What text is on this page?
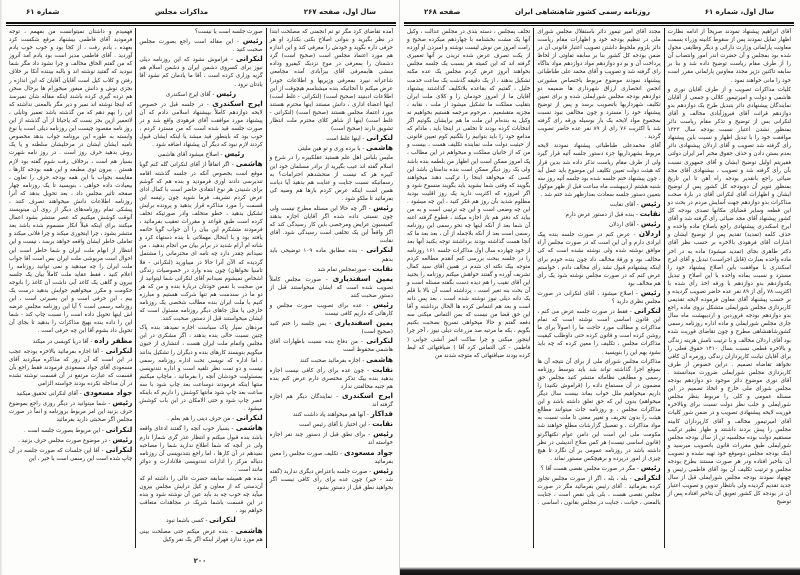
سال اول، صفحه ۲۶۷
مذاکرات مجلس
شماره ۶۱

آمده تقاضای کرد مگر تو تم انجمنی که مصلحت ابتدا در نظر بگیرید و بنوانی اصلاح بکنی بکذارد او هر حرفی داره بگوید و خودش را معرفی کند و این اندازه هم مورد اعتماد مجلس است (صحیح است) گرد دشمنان را بمعرفی در موج نزدیک کیفیرو وداده منشی هابمعرفی آقای بیزآبادی آمده مجامعی شاعرانه نبیرد بمعرفی وزیریها و اطلاعات خودرا عرض میکنم تا آنجائیکه بنده میشناسم هیچوقت از این اطلاعات ادبنیند (صحیح است) (لنکرانی - غلط است) اینها اعضاء اداری ، دانش مستند اینها محترم هستند مورد اعتماد مجلس هستند (صحیح است) (لنکرانی - غلط است) اینها از شاهر کلای محترم ملت انتظار تشویق دارند (صحیح است)

لنکرانی - اینها غلط است

هاشمی - با برده وری و تو هین ملیتی

ملیس بلباس اهل علم هستید عقلکبیره را در شرع و اسلام گفته اند عیب بگیرید از برادر مسلمان خود این کبیره هر که نیست از منحشدهم احترامات؟ به رسماتیکه نسبت جنایت و عنایت هم بدهید آیا دیانت همین است اینکه عرض کردم بارها هم وصیه کی بفرمائید تا ملکو شود .

رئیس - اگر چه حالا این مسئله مطرح نیست ولی چون نسبتی داده شده اگر آقایان اجازه بدهند کمیسیون عرایض ومرخصی باین کار رسیدگی کند که اگر واقعاً این یک تخلفی است رسیدگی شود. آقای نقابت

لنکرانی - بنده مطابق ماده ۱۰۹ توضیحی باید بدهم

نقابت - صورتمجلس تمام شد

یمین اسفندیاری - صورت مجلس کاملاً تصویب شده است که ایشان میخواستند قبل از دستور صحبت کنند

رئیس - عده برای تصویب صورت مجلس و کارهائی که داریم کافی نیست

یمین اسفندیاری - بس جلسه را ختم کنید (صحیح است)

لنکرانی - من دفاع بنده نسبت باظهارات آقای هاشمی محفوظ است

هاشمی - اجازه بفرمائید صحبت کنند

نقابت - چون عده برای رأی کافی نیست اجازه بدهید بنده بیک تذکر مختصری دارم عرض کنم بنده هم جنبه مخالفتی ندارد

ایرج اسکندری - نمایندگان دیگر هم اجازه گرفته اند

فداکار - آنها هم میخواهند یاد داشت کنند

نقابت - این اختیار با آقای رئیس است

رئیس - برای نطق قبل از دستور چند نفر اجازه خواسته اند

جواد مسعودی - تکلیف صورت مجلس را معین بفرمائید

رئیس - صورت جلسه باعتراض دیگری ندارید (گفته شد - خیر) چون عده برای رأی کافی نیست اگر بخواهید نطق قبل از دستور بشود

صورت جلسه است یا نیست؟

رئیس - این مقاله است راجع بصورت مجلس صحبت کنید .

لنکرانی - فراموش نشود که این روزنامه دیلی نیوز برای کسروی دشمن ایران و دشمن اسلام هم گریه وزاری کرده است ، آقا ما یادمان کم نشود آقا یادتان نرود .

رئیس - آقای ایرج اسکندری

ایرج اسکندری - در جلسه قبل در خصوص لایحه دوازدهم کاملاً بپیشنهاد اسلامی دادم که آن پیشنهاد مورد موافقت آقای فرهودی واقع شد و در صورت جلسه قید شده است که من مسترد کردم ، خوب بود که باینطور قید میشد یا اینکه ایشان قبول کردند لازم نبود که دیگر آن پیشنهاد اضافه شود .

رئیس - اصلاح میشود آقای هاشمی

هاشمی - اگر اتفاقاً از آقای لنکرانی گله کنم گویا موقع است بخصوص آنکه در جلسه گذشته اقامه تندیرسی دادند اوری فرمودید و بنده هم که گوشم برای شنیدن هر نوع انتقادی حاضر است با کمال ادای عرض کردم تشریف فرما شوید چون رئیسه این قسمت را مورد مذاکره قرار بدهید و پرونده برایش تشکیل بدهید ، خطو متخلف وادر صورتیکه تخلف کرده است طبق قواعد و مقررات تعقیب بفرمائید ، فرمودند متشکرم این بیان را آن جواب گویا خاتمه یافته بود و با اینحال مهملاتی با بنده دستهاء کرد و شانه ام آرام شدید در برابر بیان من انجام بدهید ، من نمیدانم چقدر دارد چه نامه ای محترمانی را مشتمل گردیده که الآن آنرا حالا در مییاورید (لنکرانی - فلا تاسیا نخواهان) چون بنده وارد در خصوصیات زندگی اشخاص نمیشوم نمیدانم آقای لنکرانی شما لیتوانید از من صحبت با نفس خودتان دربارهٔ بنده و من که هر دو ما در سندست هم تنها شرکت هستیم و مبارزه کنیم با ملت ایران بنده مطالب شخصی یک روزنامه خارجی یا مثل جاهای دیگر روزنامه مسئول است که ایشان میخواستند قبل از دستور صحبت کنند.

مردهان سپار پاک سیاست اجازه نمیدهد بنده پاک چنین نسبت حالی بنده بدهند ، اگر مشکری در این مجلس واتمام ملت ایران هست ، انتشاری از حیون میگویم بنویسند کارهای بنده و دیگران را تشکیل بدانند ، اما اداره که نویسی تحت اداره روزنامه رسمی نیست و دو تمت نظر تلقیه است و اداره تندنویسی بمسئولیت خودشان آنچه را بفرمائید ، ماچاپ میکنیم منتها اینکه فرمودند دوساعت بعد چاپ شود با سه ساعت بعد چاپ شود مانتها کوشش را داریم که باینکه عصر چاپ شود و حتی الامکان در این باب کوشش میشود .

لنکرانی - من حرف دینی را هم بعلم .

هاشمی - بسیار خوب آنچه را گفتند ادعای واقعه باشد بنده قبول میکنم و انتظار عذر گری شمارا دارم ولی در آنچه که شما اطلاع ندارید شما را مصاحبه نمیدهم در آن کارها ، اما راجع بتندنویسی آن روزنامه دنباله مرکز را ادارات تندنویسی فلانادارت و دوائر مانند است .

بنده هم همیشه سابقه حضرت عالی را داشته ام که آن‌دستی که از معاون و کیل درایش مجلس بیرون میآید چه خوب چه بد باید عین آن نوشته شود و بنده در این قسمت باشما شریک در مجاهدات متعاقب خواهم بود .

لنکرانی - کسی باشما نبود

هاشمی - بنده عرض میکنم حتی مصلحت بینی هم مورد ندارد فهرلز اینکه اگر یک نفر وکیل

فهمیدم و داشتان نمیتوانست من بفهمم ، توجه فرمودید آقای فاطمی بیشنهاد مرقع شکست کرد بعهده ، یادم رفت ، از کجا بود و خوب خوب یادم آوردید . آقای فاطمی مدیر است بود یادم آمد آنروز که من گفتم الحاق مخالف و چرا نشود داد مگر شما نبودید که گفتید نوشته اند و بالبه بیننده آنکا بر خلاف رفتن و کلاب کیل است آقایان آقایان که این اندازه ر بجزی نوش و دانش میفور میخورام ها برحال سخن هم ترده گیری کرده باشند اینکه مقاله شان نمیرسد که اینجا نوشته اند نمیر و دیر مگر بالمعنی نداشته که این را بهم دهم که من گذشته باشد تعمیر وتابلی ، لاتعمیر ازین بجز بست که یاحیاتا از آن گذشته از این روز نامه مقصود چیست این روزنامه دیلی است یا نوع وابسته به طوره این برونامه جواب بدهد مخصوص نامیه ایشان ایشان در مرحلیشان سلطنه و یا یک روش بدهید حرف روز است . در روز نامه شهرت بسیار هم است ، برخلاف رفت شوم گفته بود لازم هستن . ببرون توی مطبعه و این همه بودجه کارها ، مقایسه بجواب با این همه بودجه حرف را تعاون ، بیعیادت داده خواهی ، بنویسید تا یک روزنامه چهار صفحه تاثیر مجلس داد ، بعد تحویل بدهد که آنرا روزنامه اطلاعات دانش میخواهند تصرف کنند ، پیشکی تمام روزنامه‌های دیگر از روی آن مینویسند آنوقت کوشش میکنیم که عصر منتشر بشود اعمال میکنند برای اینکه قبلاً انکار مسموم شده باشد بعد منتشر بشود ، چرا اینجوری میکند و چرا فلانی میکند و تعاملی خاطر ایشان واقعه خواهد برسد ، نیست و این انتظار از ابهام ملت ایران و شما خاطر است این احوال است مریوشی ملت ایران بس است آقا جواب ملت ایران را چه میدهید و نمی توانید روزنامه را اعلام کنید ، فقط عقاید ملت کاملاً بیان یک جلسه بیرون و گاهی یک کاغذ آبی داشت آن کاغذ را بانوجه حکومت و مکرر میخواهیم جوابش بدهید درست یک بیم ، این حرفی است و این بصیرتی است ، این روزنامه رسمی است ؟ آیا این روزنامه مجلس عرضه اش اینها تحویل داده است را نسبت چاپ کند - شما این را داده بنده بهیچ مذاکرات را بدهید تا بجای آن تحویل داد بشوم آقا این چه حرفی است .

مظفر زاده - آقا دریا کوبسی در میکند

لنکرانی - آقا اجازه بفرمائید بالاخره بودجه عجب در این است که آن روز که مذاکره میکردید آقای مسعودی آقای جواد مسعودی فرمودند فقط راجع بآن قسمت که عبارت مرتفع در آن قسمت نوشته نشده در آن مداخله نکرده بودند خواسته الزامی

جواد مسعودی - آقای لنکرانی تحقیق میکنید

رئیس - شما میتوانید در دیگر روزی راجع بموضوع حرف بزنید این امر مربوط بروزنامه و انماً در صورت مجلس اگر صحبتی دارید بفرمائید

لنکرانی - این مربوط بصورت جلسه است .

رئیس - در موضوع صورت مجلس حرف بزنید .

لنکرانی - آقا این جلسات که صورت جلسه در آن چاپ شده است این رسمی است یا خیر ، این

۲۰۰
سال اول، شماره ۶۱
روزنامه رسمی کشور شاهنشاهی ایران
صفحه ۲۶۸

آقای ابراهیم پیشنهاد نمودند صریحاً از ادامه نظارت اظهار تمایل نمودند پس از سقوط کابینه وزراء بسمت معاونت پارلمانی وزارت دارائی و دیگر وظایفی محول شده بود بمجلس و آن حضرت اندر امور وانتصاب آن را از طرف مقام ریاست توضیح داده شد و بنا بر سابقه تاکنین دژیر مجدد معاونین پارلمانی مقرر است خود را مانی خواهند نمود .

کلیات مذاکرات تصویب و از طرف آقایان نوری و هاشمی و دولت و امیرتیمور کلالی و جمعی از آقایان نمایندگان پیشنهادی دائر بتبدیل طرح یک دوازدهم بدو دوازدهم قرائت آقای فیروزآبادی مخالف و آقای لنکرانی بس از توضیح و تذکر مقام ریاست دائر بمنظور نشدن اعتبار نسبت بودجه سال ۱۳۲۳ موافقت خود را با تبدیل اظهار و نسبت باین پیشنهاد رأی گرفته شد تصویب و آقای اردلان پیشنهادی دائر بعدم بستن دادن و حذف حقوق مخبر آمر ایران دولتی فقیریتم اولیل توضیح ایشان و آقای جمهوری نسبت بآن رأی گرفته شد و تصویب ، بیشنهادی آقای مجد ضیائی راجع بانقدیر بودجه راه آهن تا این تاریخ بمنظور تنویر آن دوبودجه کل کشور پس از توضیح ایشان و اظهارات آقای لنکرانی آقای در بارهٔ صحت مذاکرات بدو دوازدهم جهت آسایش مردم در بحث دو این قطعه وسایر قضایای مکانها تصدی بودجه کل کشور پیشنهاد آقای مجد ضیائی رأی گرفته شد و آقای ایرج اسکندری پیشنهادی راجع باصلاح ماده واحده و حذف کلمه (تمدید) تقدیم پس از توضیح ایشان و اشارات آقای فرهودی بالاخره بر حسب نظر آقای دکتر طاهری بجای (تمدید میشود) ماده به در اخر ماده واحده بعبارت (قابل اجراست) تبدیل و آقای ایرج اسکندری با موافقت باین اصلاح پیشنهاد خود را مسترد و نسبت بماده واحده با این اصلاح و تبدیل یکدوازدهم بدو دوازدهم با ورقه اخذ رأی شده با اکثریت ۷۸ رأی از ۸۹ نفر عده حاضر تصویب گردیده و بر حسب پیشنهاد آقای معاون فرموده لایحه تقدیمی کاربردازی مجلس شورایملی متشکل بروی ماده راجع بدو دوازدهم بودجه فروردین و اردیبهشت ماه سال جاری مجلس شورایملی و ماده اداره روزنامه رسمی کشورشاهنشاهی مطرح و چون تقاضای فوریت شده بود آقای اردلان مخالف و با ترتیب نامش هزینه زندگی و بالاخره قطعی نسبت بسال ۱۴۱۰ حقوق فعلی را برای آقایان نیابت کارپردازان زندگی روزمره آن کافی نخواهد تقاضاه تصمیم . دراین خصوص از طرف کاربردازی مجلس شورایملی ضرورت میدانستند . آقای نوری موضوع دائر موجود دو دوازدهم بودجه مجلس شورای ملی خارج و اتخاذ تصمیم در این مسئله عمومی و کلی را مربوط بنظر مجلس شورایملی و جلب نظر دولت نسبت برای وبالاخره فوریت لایحه پیشنهادی تصویب و در ضمن شور کلیات آقای امیرتیمور مخالف و آقای کارپردازان کابینه مجلس را پیش بردند داشتند و ظهار نظیر ترکیب مستقیم دولت بوده مجلسیه تن از سال بودجه مجلس شورایملی طبق مقررات قانون باتصویب میرسید و اینک بودجه مجلس دوموقع خود تهیه نشده و تصویب آن بتاخیر افتاده ودر هر صورت مستند بطرح بودجه مجلس و ترتیب تکلیف آن بود آقای فاطمی رئیس و چهنهاد نمودند بودجه مجلس شورایملی قبل از سال جدید تقدیم گردیده ولی بانتظار تدوین و تصویب اعتبار آن در بودجه کل کشور تعویق آن بتاخیر افتاده پس از توضیح

مجدد آقای امیر تیمور دائر باستقلال مجلس شورای ملی در تنظیم بودجه خود و اظهارات مقام ریاست دائر بلزوم ملحوظ داشتن تصویب اعتبار قانونی آن در ضمن بودجه کل کشور بنا بر سابقه تفاوتی از لحاظ پرداخت آن و بو دو دوازدهم مواد دوازدهم مواد بتاگاه رای گرفته شد و تصویب و آقای محمد علی طباطبائی پیشنهاد نمودند موضوع مربوط باختصاص مشورتی انجمن انحصاری ارزاق شهرداری ها ضمیمه دو دوازدهم بودجه مجلس شورایملی شده و برای تعیین تکلیف شهرداریها باتصویب برسد و پس از توضیح پیشنهاد خود را مسترد و چون مخالفی نبود نسبت بمجموع مواد لایحه یک بار بوسیله ورقه رای گرفته شد با اکثریت ۷۶ رای از ۸۹ نفر عده حاضر تصویب گردید .

آقای محمدعلی طباطبائی پیشنهاد نمودند لایحه مربوط بشهرداریها جزء دستور جلسه آتیه قرار گیرد ولی از طرف مقام ریاست تذکر داده شد بدین قرار که هیئت دولت تعیین تکلیف این موضوع باید عمل آید ، چون پیشنهاد ختم جلسه شده بود جلسه آتیه روز سه شنبه هشتم اردیبهشت ماه ساعت قبل از ظهر موکول بتعیین دستور جلسه سعادت بعدازظهر شد ختم شد .

رئیس - آقای نقابت

نقابت - بنده قبل از دستور عرض دارم

رئیس - آقای اردلان

اردلان - عرض کنم در صورت جلسه بنده پیک ایرادی دارم و آن این است که در صورت مجلس آراء موافق نوشته شده ولی نوشته نشده است که کی مخالف بود و ورقهٔ مخالف داد چون بنده خودم برای اینکه پیشنهادم قبول نشد رأی مخالف دادم ، خواستم عرض کنم که در صورت مجلس نوشته شود یک رأی هم مخالف بود

رئیس - اصلاح میشود ، آقای لنکرانی در صورت مجلس نظری دارید ؟

لنکرانی - فقط در صورت جلسه عرض می کنم ، این قانون اساسی است نوشته است که تمام مذاکرات و مطالب مورد حاجت ما را اصولاً برای ما روشن کرده است و قانون کرده حتی داوطلب کیفیت مذاکرات مجلس ، تکلیف را معین کرده که چه باید بشود بهم این را بنویسید .

مذاکرات مجلس شورای ملی از برای آن نتیجه آن ها بموقع اجرا گذاشته تواند شد باید بتوسط روزنامه رسمی و مطابقی نظاماته منتشر کنید مجلس حق مضمون در آن مستماع داده را (قراموش نکنید) را داریم میخواهیم ملل خواب بماند بیست سال دیگر میخواهم) بدون این که حق تعلق داشته باشد و این مذاکرات مجلس ، و روزنامه جات میتوانند مطالع هیئت را بدون تحریف و تغییر معنی تا ملت نسبت به مواد مذاکرات ، و تفصیل گزارشات مطلع خواهند شد مکومت ملی این است این دامن عوام نکتهاگرتو (قانون اساسی نیست) هر کس صلاح اندیشی در نظر داشته باشد در روزنامه عمومی بر آن نگارد تا هیچ چیزی از امور درپرده و برهیچکس مستور نماند .

رئیس - مگر در صورت مجلس نقصی هست آقا ؟

لنکرانی - بله ، بله ، اگر از صورت مجلس تجاوز کرده بفرمائید . آقای رئیس بفرمائید مگر در صورت مجلس نقصی هست ، بلی بلی نقص است ، جنایت بالمعنی ، خیانت ، جنایت در مجلس بقانون ، اساسی .

تخلف بمجلس ، دسته بندی در مجلس عدالت ، وکیل آنها یک مشت بخشنامه با چهاردهم میکرده صحیح و رامت امروز من نوش لیست نوشته و امبردن او آورده از یکت تصرف عرض شده تریدن بر آنها تعمیری گرفته اند که این کمیته هر بسبب یک جلسه مجلس بخواهند آنروز عرض کردم مجلس یک عده مکنه تشکیل بدهند ، از یک دقیقه گذشت یک ساعت خدمت خلیل ، گفتیم که بقاعده بلاتکلیف گذاشتند پیشنهاد آقایان ما از امروز خودمان را و کلای ملت ایران بتقلیب مملکت ما تشکیل میشود از ملت ، نقابه ، مجزیه متقشعیم ، مرحوم مرجمه هستیم بخواهیم نه وکیل یه بنده‌ام این ملت ما هم برایشان بگوئیم اگر انتخابات کرده بودند تا تخلفی در اینجا باید ، مادام که مدامع خود را باید بتوانیم را بلگنیم کوم تعیین قانونی از حیثیت دولت ملت نماینده تکلیف هست ، بیست و من که از خانیان مملکت و میخواهم در این مطالب ، یک امروز ممکن است این اظهار من بلطمه بنده باشد ولی یک روز دیگر ممکن است بنده بداستان باشد این کسی که میخواهد اینجا را ترکیب دهند میخواهند بگویند که وقتی شما بشوید باید بگویند منسوخ شود و اگر امروزه که اکثریت دارید یک روز اقلیت بودید مظلوم شدید بآن روز هم فکر کنید ، این چه میشود . این چه وضعی است و این چه ترتیبی است و به من بیاید که دفتر هم باز اجازه میکند ، قطوع گرفته اعنه آن شما بعد از آنکه اینها چه نحو رسمی این روزنامه رسمی است بعد از آنکه بلاجمله از آن ، بعد بعد ما که آنجا هست گذاشته بودند برداشتند توجه بکنید آنها بعد از خود چهارده سال اول مذاکرات جلسه ۱۶۱ روزنامه را در جلسه ببحث بررسی کنم آنقدم مطالعه کردم متوجه بیک نکته ای شدم در همین آقای سید کمال تشریف آورده و گفتند خواهش میکنم روزنامه را بجنید این آقای نقیب را هم دیده دست بگفته مسئله است و آن بحث بنه تغیر است ، پرداشته است آن بالا با قلم یک دانه دیلی نیوز نوشته شده است ، بعد پس دانه است و بعد هم انتماس کرده ها الحال برداشته و آقا این حق قضا من نیست که بمن التماس میکنی سه دفعه گفتم و حالا میخواهی تسریح بصحبت بکنیم بگویم ، بکه ما مرتبه صد مزرعات دیلی نیوز ، آخر چرا اینجور میکنی و چرا ساکت اثمر آنشی جوابی ( فاطمی - کی التماس کرد آقا ) ضیافتهائی که لیط کرده بودند ضیافتهائی که متوجه شدند من
